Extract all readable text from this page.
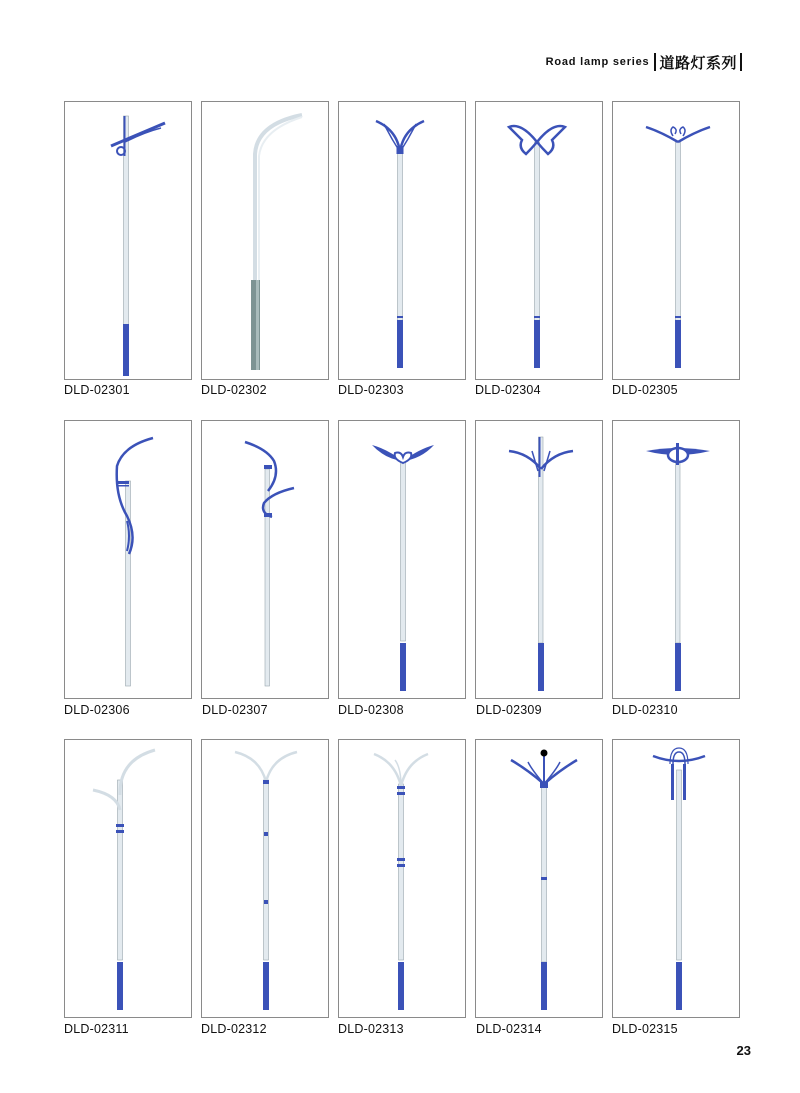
Road lamp series 道路灯系列
DLD-02301	DLD-02302	DLD-02303	DLD-02304	DLD-02305
DLD-02306	DLD-02307	DLD-02308	DLD-02309	DLD-02310
DLD-02311	DLD-02312	DLD-02313	DLD-02314	DLD-02315
23
